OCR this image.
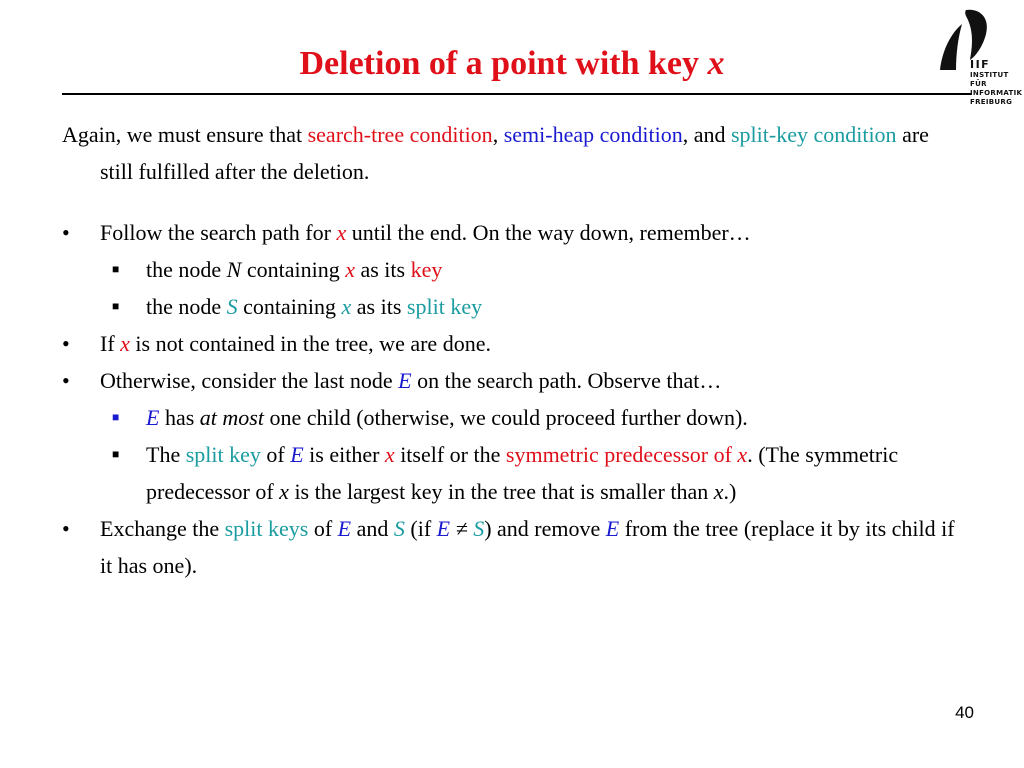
Deletion of a point with key x	IIF
INSTITUT FÜR
INFORMATIK
FREIBURG

Again, we must ensure that search-tree condition, semi-heap condition, and split-key condition are still fulfilled after the deletion.

• Follow the search path for x until the end. On the way down, remember…

■ the node N containing x as its key

■ the node S containing x as its split key

• If x is not contained in the tree, we are done.

• Otherwise, consider the last node E on the search path. Observe that…

■ E has at most one child (otherwise, we could proceed further down).

■ The split key of E is either x itself or the symmetric predecessor of x. (The symmetric predecessor of x is the largest key in the tree that is smaller than x.)

• Exchange the split keys of E and S (if E ≠ S) and remove E from the tree (replace it by its child if it has one).

40
